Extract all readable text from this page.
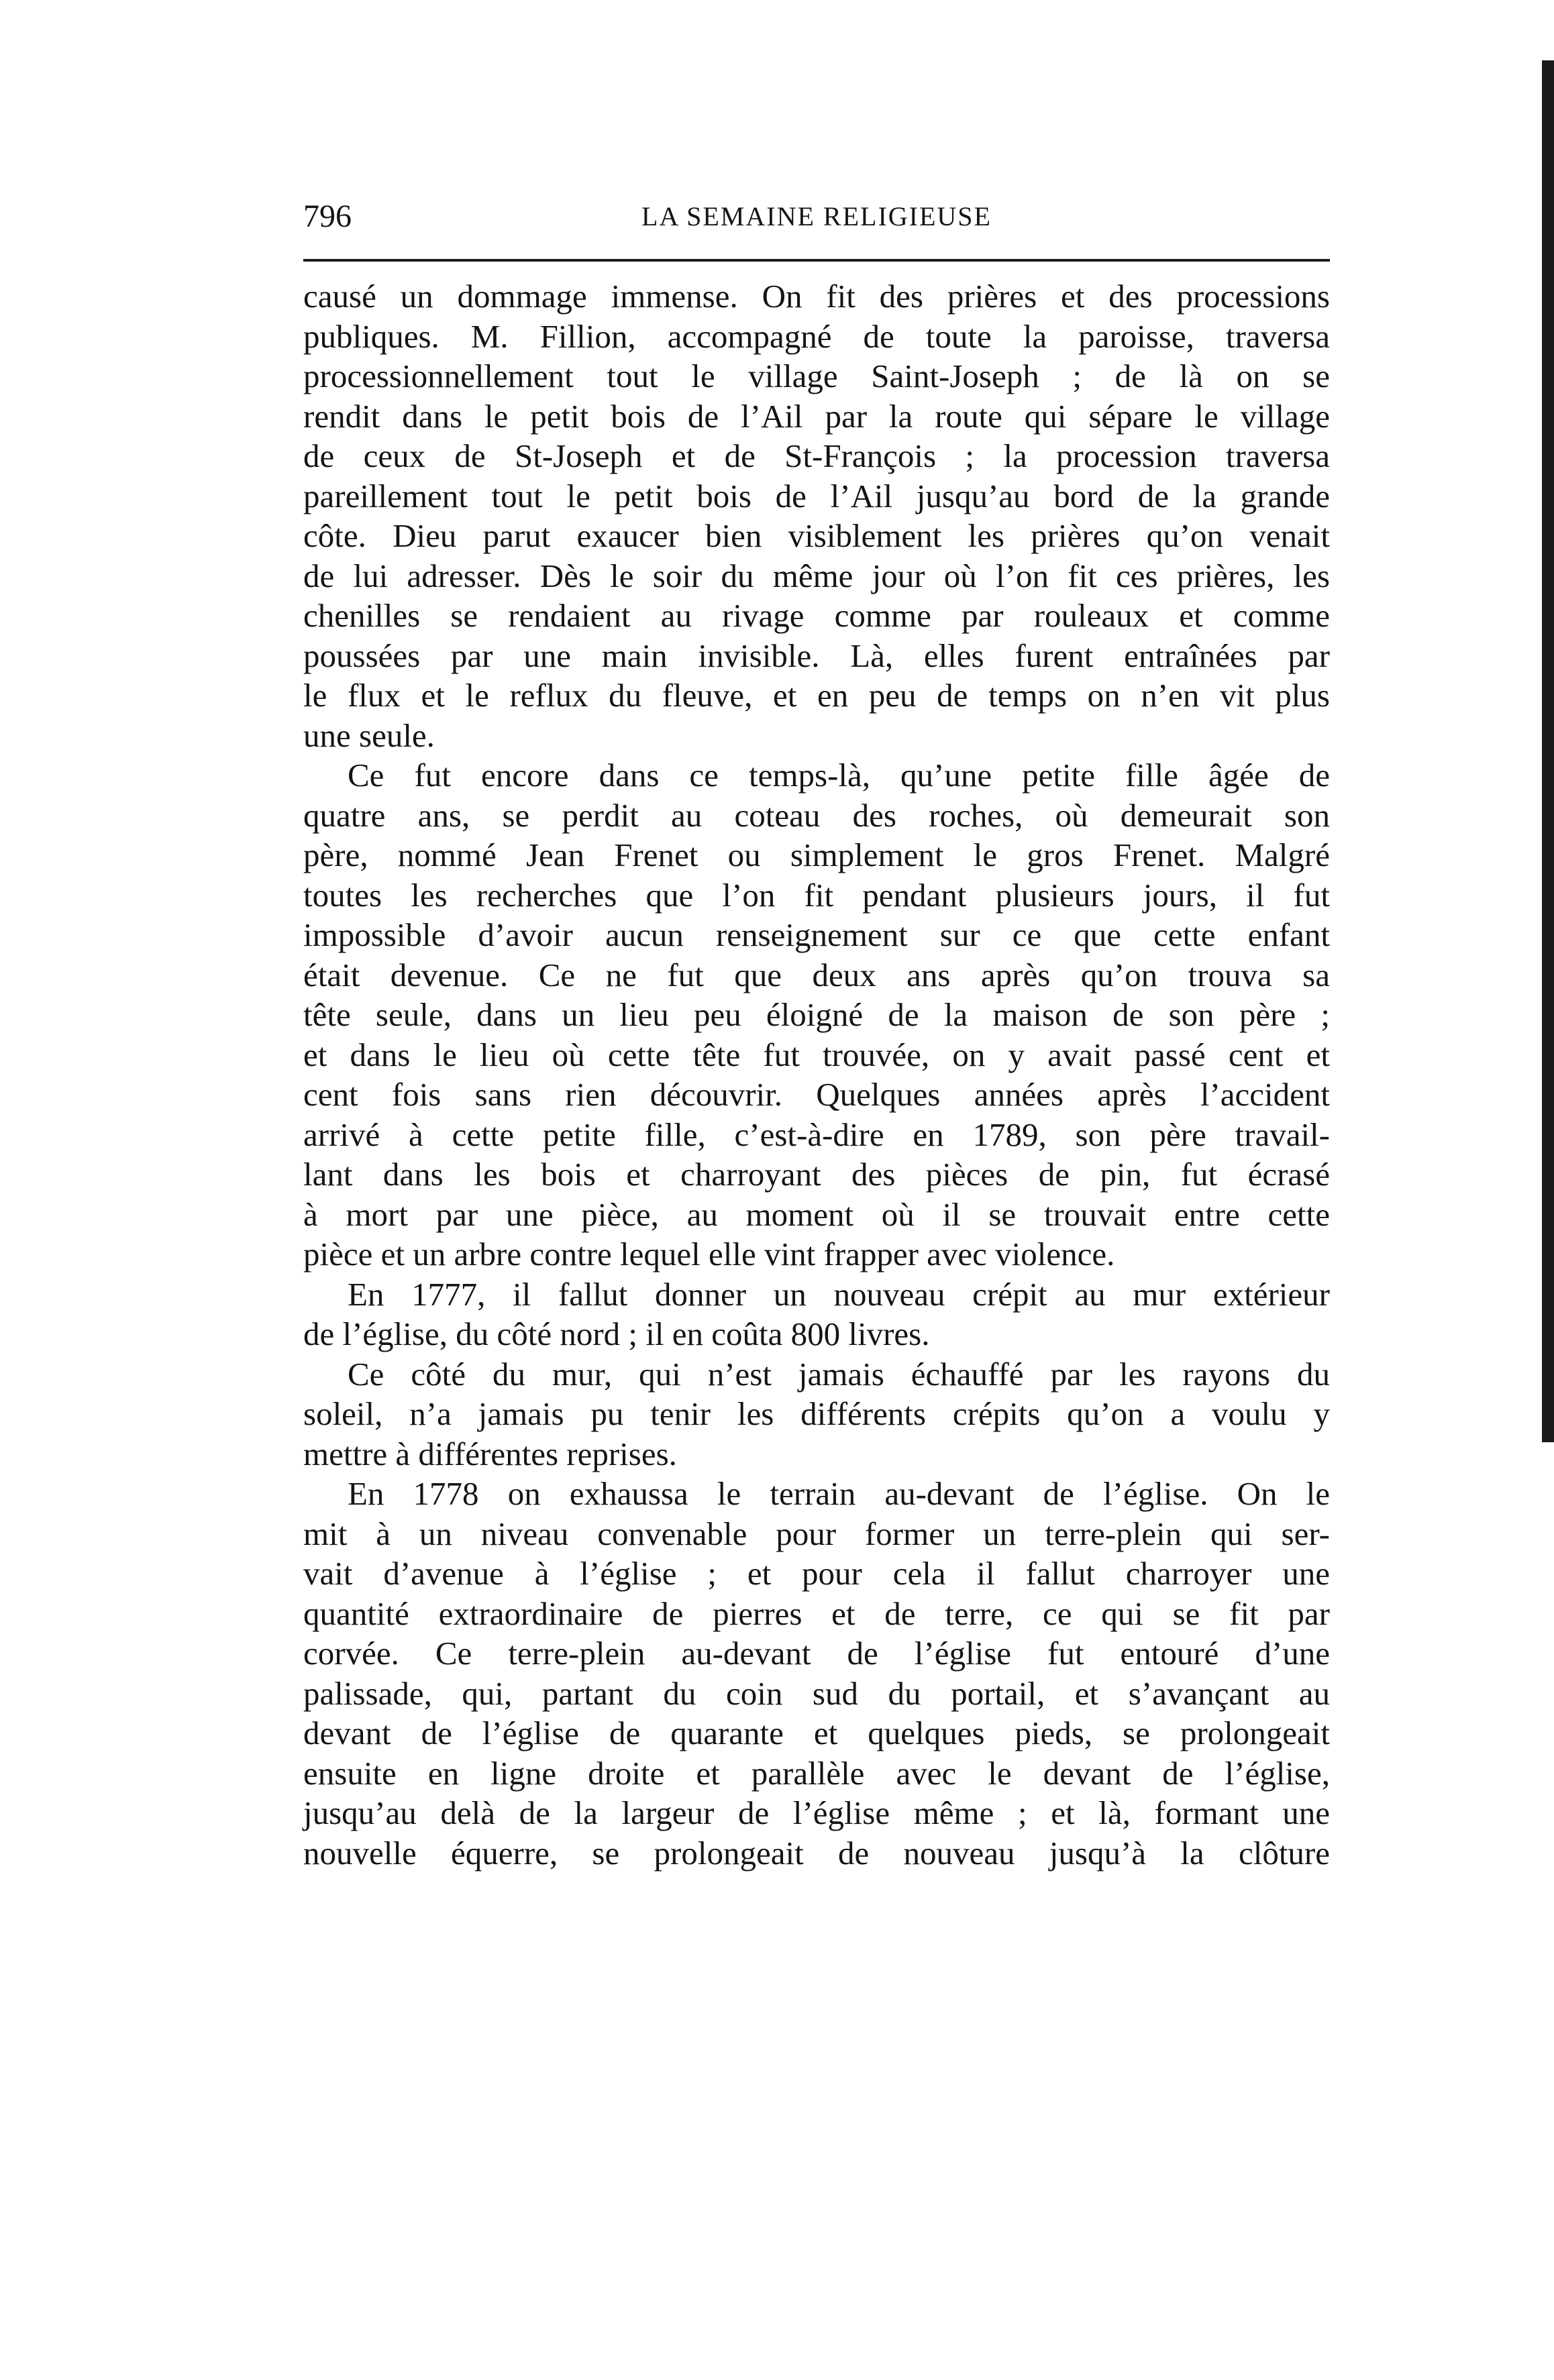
796	LA SEMAINE RELIGIEUSE
causé un dommage immense. On fit des prières et des processions
publiques. M. Fillion, accompagné de toute la paroisse, traversa
processionnellement tout le village Saint-Joseph ; de là on se
rendit dans le petit bois de l’Ail par la route qui sépare le village
de ceux de St-Joseph et de St-François ; la procession traversa
pareillement tout le petit bois de l’Ail jusqu’au bord de la grande
côte. Dieu parut exaucer bien visiblement les prières qu’on venait
de lui adresser. Dès le soir du même jour où l’on fit ces prières, les
chenilles se rendaient au rivage comme par rouleaux et comme
poussées par une main invisible. Là, elles furent entraînées par
le flux et le reflux du fleuve, et en peu de temps on n’en vit plus
une seule.
Ce fut encore dans ce temps-là, qu’une petite fille âgée de
quatre ans, se perdit au coteau des roches, où demeurait son
père, nommé Jean Frenet ou simplement le gros Frenet. Malgré
toutes les recherches que l’on fit pendant plusieurs jours, il fut
impossible d’avoir aucun renseignement sur ce que cette enfant
était devenue. Ce ne fut que deux ans après qu’on trouva sa
tête seule, dans un lieu peu éloigné de la maison de son père ;
et dans le lieu où cette tête fut trouvée, on y avait passé cent et
cent fois sans rien découvrir. Quelques années après l’accident
arrivé à cette petite fille, c’est-à-dire en 1789, son père travail-
lant dans les bois et charroyant des pièces de pin, fut écrasé
à mort par une pièce, au moment où il se trouvait entre cette
pièce et un arbre contre lequel elle vint frapper avec violence.
En 1777, il fallut donner un nouveau crépit au mur extérieur
de l’église, du côté nord ; il en coûta 800 livres.
Ce côté du mur, qui n’est jamais échauffé par les rayons du
soleil, n’a jamais pu tenir les différents crépits qu’on a voulu y
mettre à différentes reprises.
En 1778 on exhaussa le terrain au-devant de l’église. On le
mit à un niveau convenable pour former un terre-plein qui ser-
vait d’avenue à l’église ; et pour cela il fallut charroyer une
quantité extraordinaire de pierres et de terre, ce qui se fit par
corvée. Ce terre-plein au-devant de l’église fut entouré d’une
palissade, qui, partant du coin sud du portail, et s’avançant au
devant de l’église de quarante et quelques pieds, se prolongeait
ensuite en ligne droite et parallèle avec le devant de l’église,
jusqu’au delà de la largeur de l’église même ; et là, formant une
nouvelle équerre, se prolongeait de nouveau jusqu’à la clôture
